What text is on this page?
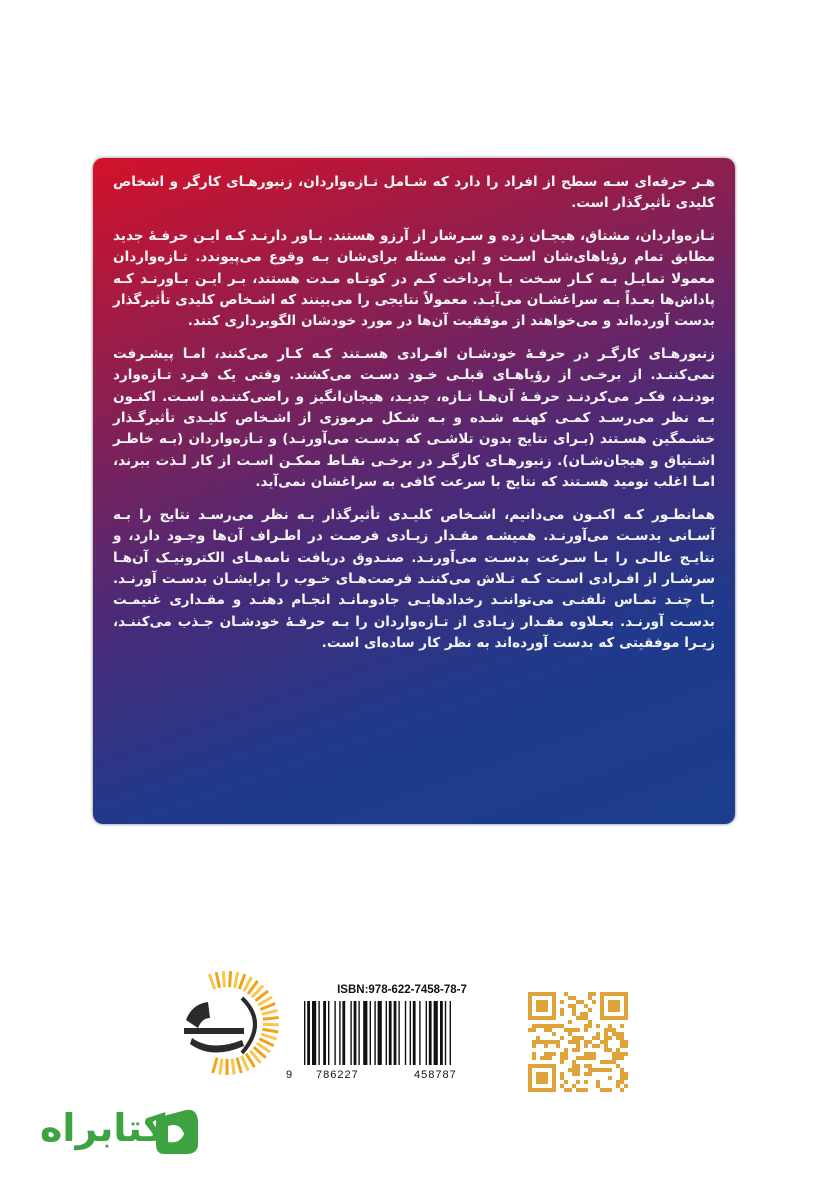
هـر حرفه‌ای سـه سطح از افراد را دارد که شـامل تـازه‌واردان، زنبورهـای کارگر و اشخاص کلیدی تأثیر‌گذار است.

تـازه‌واردان، مشتاق، هیجـان زده و سـرشار از آرزو هستند. بـاور دارنـد کـه ایـن حرفـۀ جدید مطابق تمام رؤیاهای‌شان اسـت و این مسئله برای‌شان بـه وقوع می‌پیوندد. تـازه‌واردان معمولا تمایـل بـه کـار سـخت بـا پرداخت کـم در کوتـاه مـدت هستند، بـر ایـن بـاورنـد کـه پاداش‌ها بعـداً بـه سراغشـان می‌آیـد. معمولاً نتایجی را می‌بینند که اشـخاص کلیدی تأثیر‌گذار بدست آورده‌اند و می‌خواهند از موفقیت آن‌ها در مورد خودشان الگوبرداری کنند.

زنبورهـای کارگـر در حرفـۀ خودشـان افـرادی هسـتند کـه کـار می‌کنند، امـا پیشـرفت نمی‌کننـد. از برخـی از رؤیاهـای قبلـی خـود دسـت می‌کشند. وقتی یک فـرد تـازه‌وارد بودنـد، فکـر می‌کردنـد حرفـۀ آن‌هـا تـازه، جدیـد، هیجان‌انگیز و راضی‌کننـده اسـت. اکنـون بـه نظر می‌رسـد کمـی کهنـه شـده و بـه شـکل مرموزی از اشـخاص کلیـدی تأثیر‌گـذار خشـمگین هسـتند (بـرای نتایج بدون تلاشـی که بدسـت می‌آورنـد) و تـازه‌واردان (بـه خاطـر اشـتیاق و هیجان‌شـان). زنبورهـای کارگـر در برخـی نقـاط ممکـن اسـت از کار لـذت ببرند، امـا اغلب نومید هسـتند که نتایج با سرعت کافی به سراغشان نمی‌آید.

همانطـور کـه اکنـون می‌دانیم، اشـخاص کلیـدی تأثیر‌گذار بـه نظر می‌رسـد نتایج را بـه آسـانی بدسـت می‌آورنـد. همیشـه مقـدار زیـادی فرصـت در اطـراف آن‌ها وجـود دارد، و نتایـج عالـی را بـا سـرعت بدسـت می‌آورنـد. صنـدوق دریافت نامه‌هـای الکترونیـک آن‌هـا سرشـار از افـرادی اسـت کـه تـلاش می‌کننـد فرصت‌هـای خـوب را برایشـان بدسـت آورنـد. بـا چنـد تمـاس تلفنـی می‌تواننـد رخدادهایـی جادومانـد انجـام دهنـد و مقـداری غنیمـت بدسـت آورنـد. بعـلاوه مقـدار زیـادی از تـازه‌واردان را بـه حرفـۀ خودشـان جـذب می‌کننـد، زیـرا موفقیتی که بدست آورده‌اند به نظر کار ساده‌ای است.

ISBN:978-622-7458-78-7
9 786227	458787
کتابراه
